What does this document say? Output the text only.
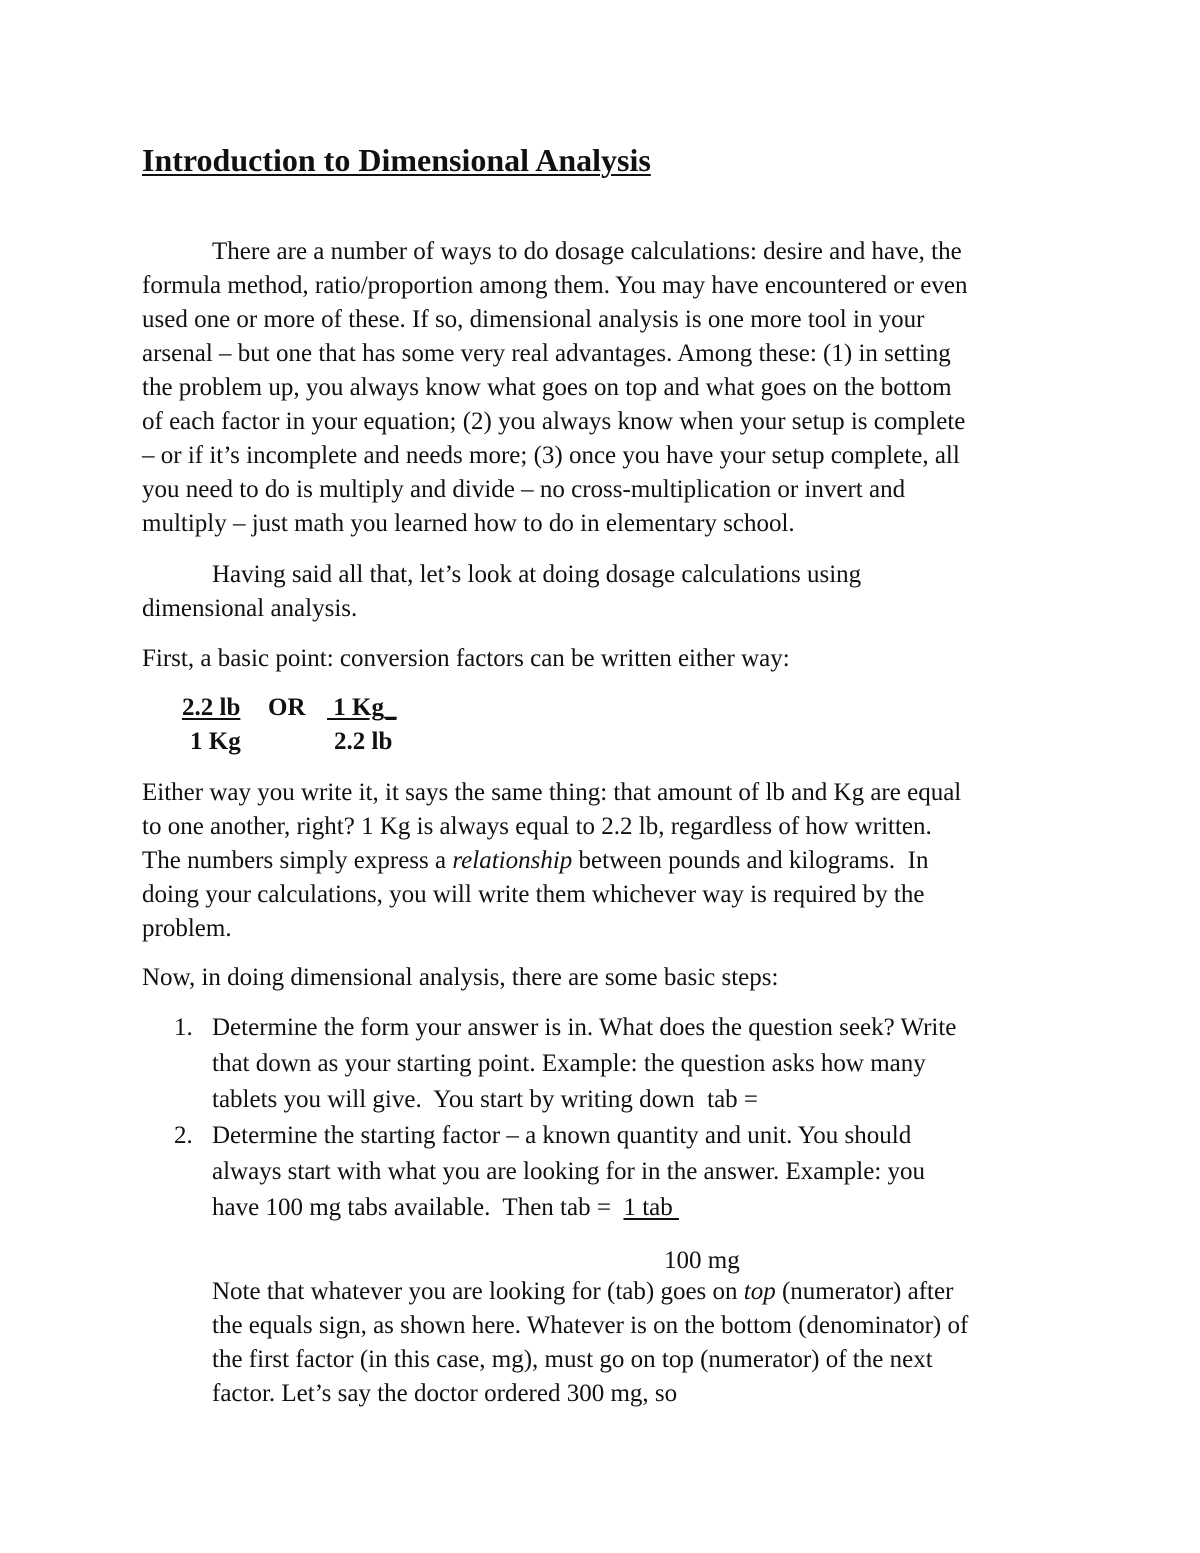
Introduction to Dimensional Analysis
There are a number of ways to do dosage calculations: desire and have, the
formula method, ratio/proportion among them. You may have encountered or even
used one or more of these. If so, dimensional analysis is one more tool in your
arsenal – but one that has some very real advantages. Among these: (1) in setting
the problem up, you always know what goes on top and what goes on the bottom
of each factor in your equation; (2) you always know when your setup is complete
– or if it’s incomplete and needs more; (3) once you have your setup complete, all
you need to do is multiply and divide – no cross-multiplication or invert and
multiply – just math you learned how to do in elementary school.
Having said all that, let’s look at doing dosage calculations using
dimensional analysis.
First, a basic point: conversion factors can be written either way:
2.2 lb
1 Kg
OR 1 Kg_
2.2 lb
Either way you write it, it says the same thing: that amount of lb and Kg are equal
to one another, right? 1 Kg is always equal to 2.2 lb, regardless of how written.
The numbers simply express a relationship between pounds and kilograms.  In
doing your calculations, you will write them whichever way is required by the
problem.
Now, in doing dimensional analysis, there are some basic steps:
1. Determine the form your answer is in. What does the question seek? Write
that down as your starting point. Example: the question asks how many
tablets you will give.  You start by writing down  tab =
2. Determine the starting factor – a known quantity and unit. You should
always start with what you are looking for in the answer. Example: you
have 100 mg tabs available.  Then tab =  1 tab
100 mg
Note that whatever you are looking for (tab) goes on top (numerator) after
the equals sign, as shown here. Whatever is on the bottom (denominator) of
the first factor (in this case, mg), must go on top (numerator) of the next
factor. Let’s say the doctor ordered 300 mg, so
